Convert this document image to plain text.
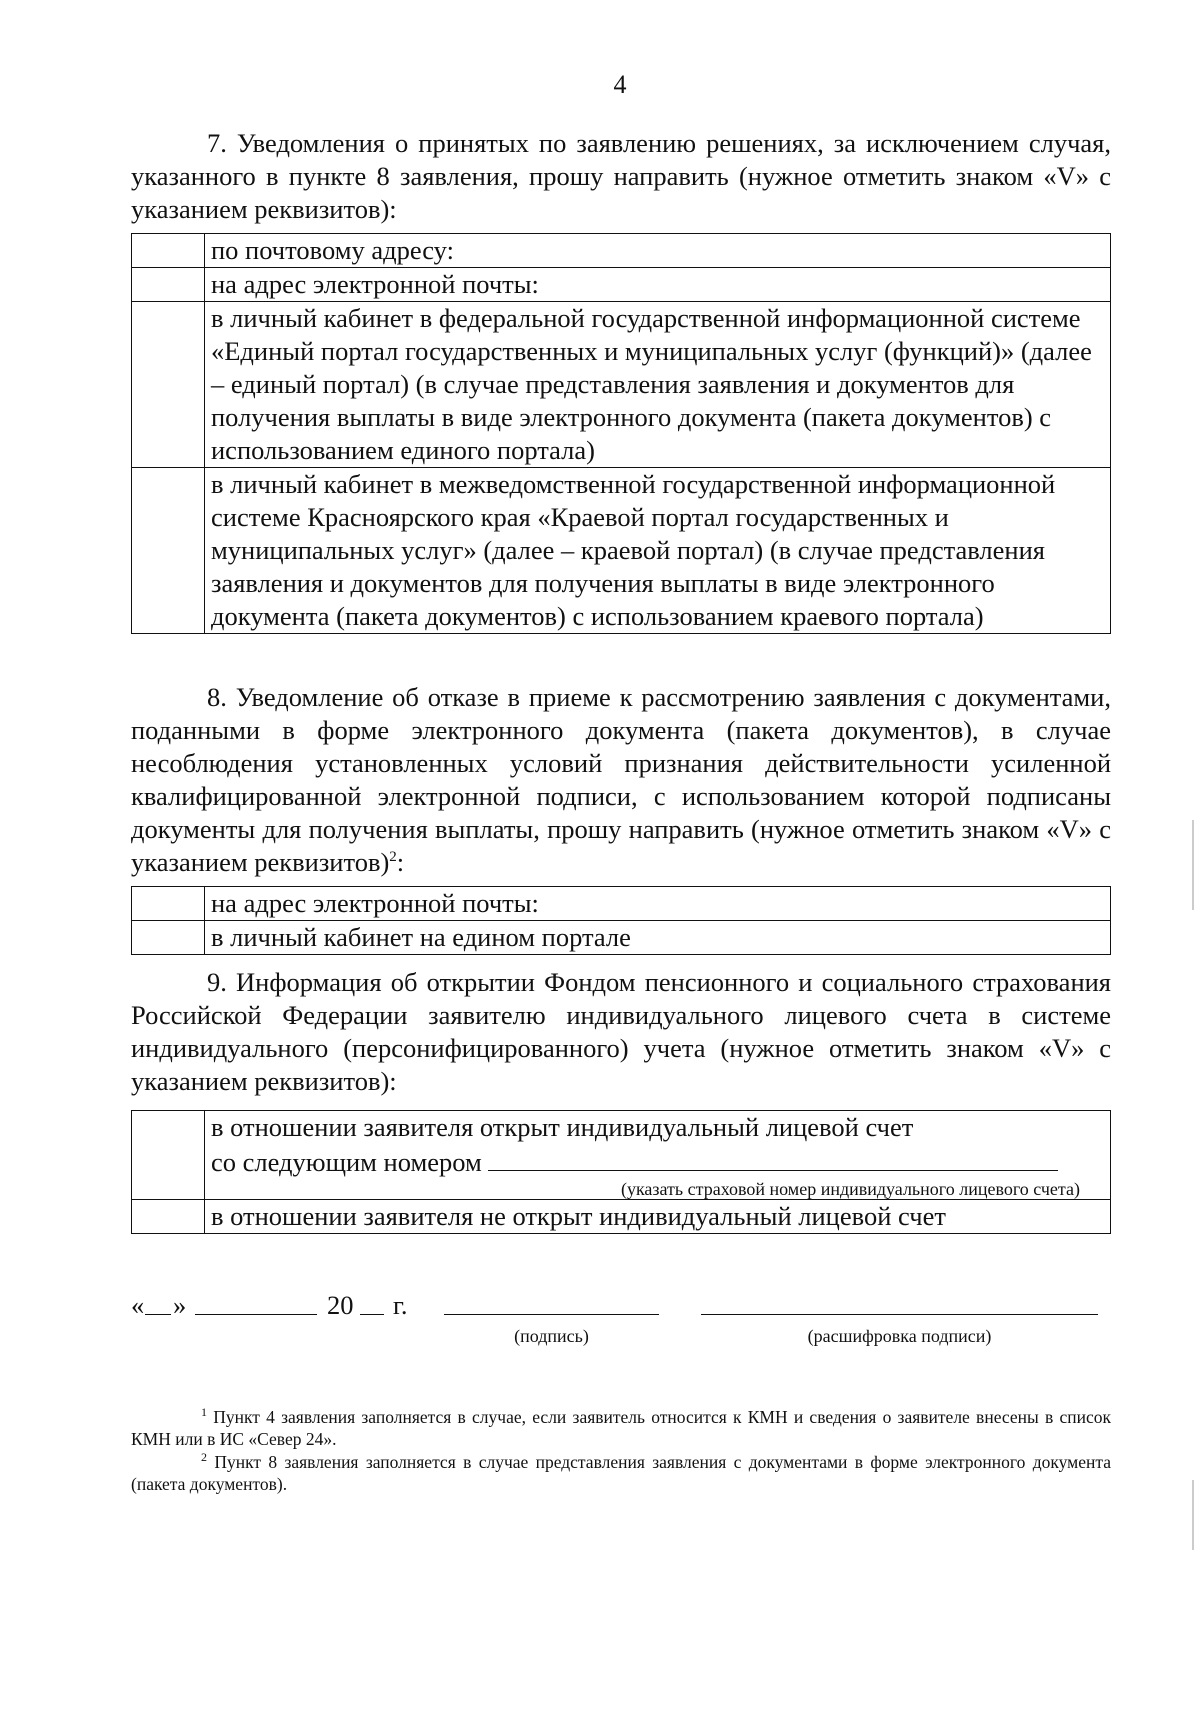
4
7. Уведомления о принятых по заявлению решениях, за исключением случая, указанного в пункте 8 заявления, прошу направить (нужное отметить знаком «V» с указанием реквизитов):
	по почтовому адресу:
	на адрес электронной почты:
	в личный кабинет в федеральной государственной информационной системе «Единый портал государственных и муниципальных услуг (функций)» (далее – единый портал) (в случае представления заявления и документов для получения выплаты в виде электронного документа (пакета документов) с использованием единого портала)
	в личный кабинет в межведомственной государственной информационной системе Красноярского края «Краевой портал государственных и муниципальных услуг» (далее – краевой портал) (в случае представления заявления и документов для получения выплаты в виде электронного документа (пакета документов) с использованием краевого портала)
8. Уведомление об отказе в приеме к рассмотрению заявления с документами, поданными в форме электронного документа (пакета документов), в случае несоблюдения установленных условий признания действительности усиленной квалифицированной электронной подписи, с использованием которой подписаны документы для получения выплаты, прошу направить (нужное отметить знаком «V» с указанием реквизитов)$^2$:
	на адрес электронной почты:
	в личный кабинет на едином портале
9. Информация об открытии Фондом пенсионного и социального страхования Российской Федерации заявителю индивидуального лицевого счета в системе индивидуального (персонифицированного) учета (нужное отметить знаком «V» с указанием реквизитов):

	в отношении заявителя открыт индивидуальный лицевой счет
со следующим номером
(указать страховой номер индивидуального лицевого счета)

	в отношении заявителя не открыт индивидуальный лицевой счет
« »	20 г.
(подпись)	(расшифровка подписи)
$^1$ Пункт 4 заявления заполняется в случае, если заявитель относится к КМН и сведения о заявителе внесены в список КМН или в ИС «Север 24».
$^2$ Пункт 8 заявления заполняется в случае представления заявления с документами в форме электронного документа (пакета документов).
